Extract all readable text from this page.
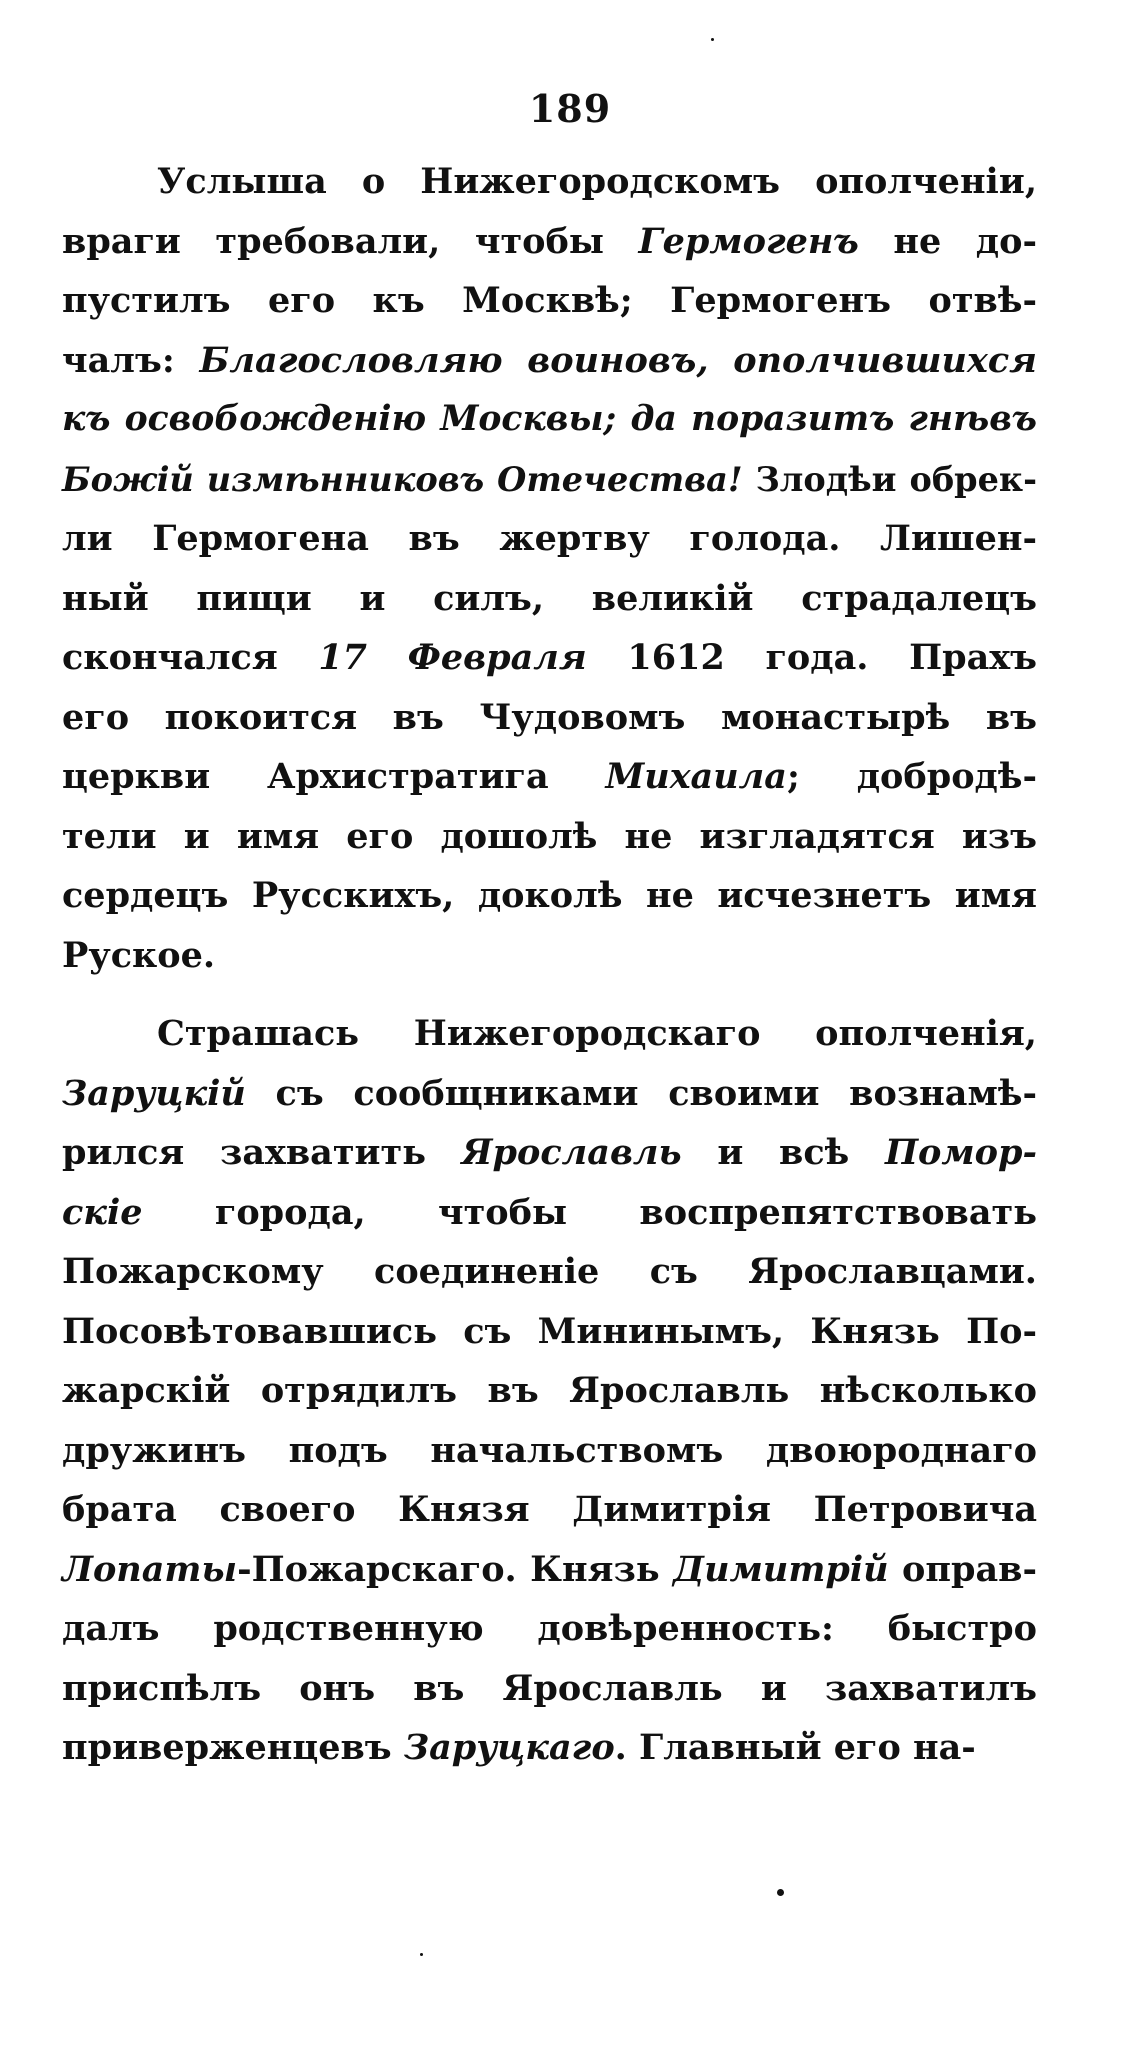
189
Услышa о Нижегородскомъ ополченіи,
враги требовали, чтобы Гермогенъ не до-
пустилъ его къ Москвѣ; Гермогенъ отвѣ-
чалъ: Благословляю воиновъ, ополчившихся
къ освобожденію Москвы; да поразитъ гнѣвъ
Божій измѣнниковъ Отечества! Злодѣи обрек-
ли Гермогена въ жертву голода. Лишен-
ный пищи и силъ, великій страдалецъ
скончался 17 Февраля 1612 года. Прахъ
его покоится въ Чудовомъ монастырѣ въ
церкви Архистратига Михаила; добродѣ-
тели и имя его дошолѣ не изгладятся изъ
сердецъ Русскихъ, доколѣ не исчезнетъ имя
Руское.
Страшась Нижегородскаго ополченія,
Заруцкій съ сообщниками своими вознамѣ-
рился захватить Ярославль и всѣ Помор-
скіе города, чтобы воспрепятствовать
Пожарскому соединеніе съ Ярославцами.
Посовѣтовавшись съ Мининымъ, Князь По-
жарскій отрядилъ въ Ярославль нѣсколько
дружинъ подъ начальствомъ двоюроднаго
брата своего Князя Димитрія Петровича
Лопаты-Пожарскаго. Князь Димитрій оправ-
далъ родственную довѣренность: быстро
приспѣлъ онъ въ Ярославль и захватилъ
приверженцевъ Заруцкаго. Главный его на-
